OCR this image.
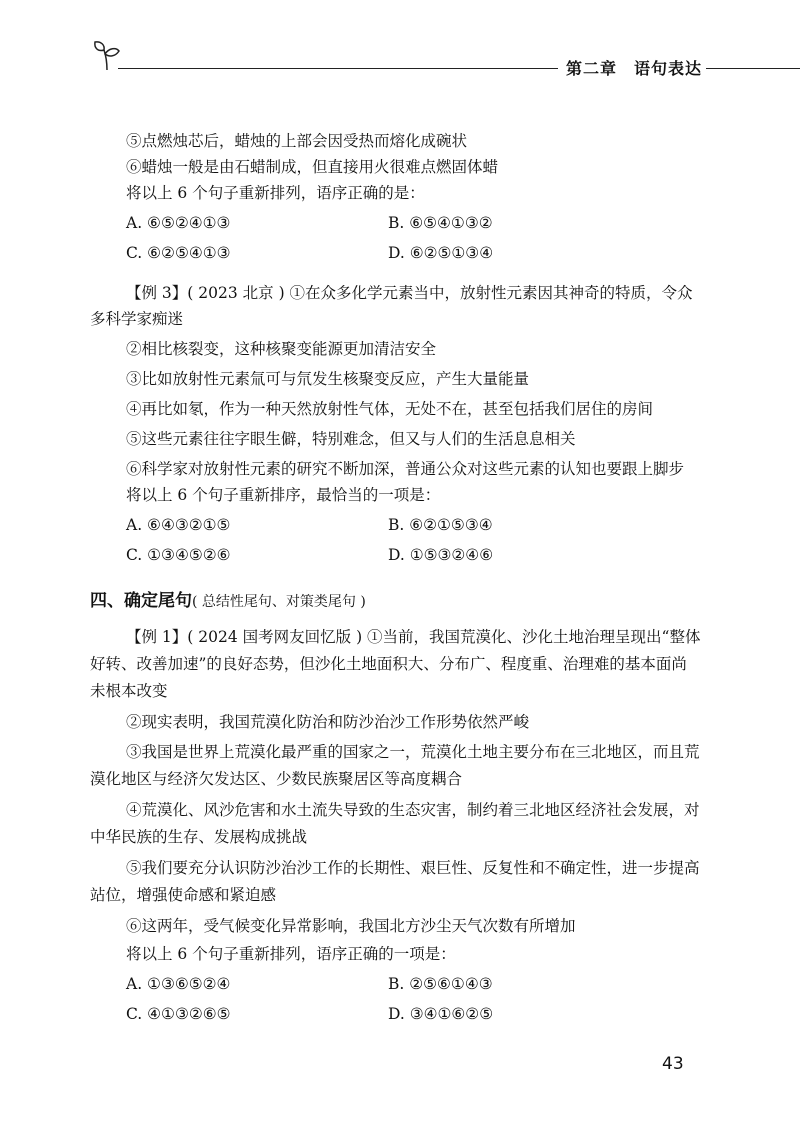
第二章　语句表达
⑤点燃烛芯后，蜡烛的上部会因受热而熔化成碗状
⑥蜡烛一般是由石蜡制成，但直接用火很难点燃固体蜡
将以上 6 个句子重新排列，语序正确的是：
A. ⑥⑤②④①③	B. ⑥⑤④①③②
C. ⑥②⑤④①③	D. ⑥②⑤①③④
【例 3】( 2023 北京 ) ①在众多化学元素当中，放射性元素因其神奇的特质，令众多科学家痴迷
②相比核裂变，这种核聚变能源更加清洁安全
③比如放射性元素氚可与氘发生核聚变反应，产生大量能量
④再比如氡，作为一种天然放射性气体，无处不在，甚至包括我们居住的房间
⑤这些元素往往字眼生僻，特别难念，但又与人们的生活息息相关
⑥科学家对放射性元素的研究不断加深，普通公众对这些元素的认知也要跟上脚步
将以上 6 个句子重新排序，最恰当的一项是：
A. ⑥④③②①⑤	B. ⑥②①⑤③④
C. ①③④⑤②⑥	D. ①⑤③②④⑥
四、确定尾句( 总结性尾句、对策类尾句 )
【例 1】( 2024 国考网友回忆版 ) ①当前，我国荒漠化、沙化土地治理呈现出“整体好转、改善加速”的良好态势，但沙化土地面积大、分布广、程度重、治理难的基本面尚未根本改变
②现实表明，我国荒漠化防治和防沙治沙工作形势依然严峻
③我国是世界上荒漠化最严重的国家之一，荒漠化土地主要分布在三北地区，而且荒漠化地区与经济欠发达区、少数民族聚居区等高度耦合
④荒漠化、风沙危害和水土流失导致的生态灾害，制约着三北地区经济社会发展，对中华民族的生存、发展构成挑战
⑤我们要充分认识防沙治沙工作的长期性、艰巨性、反复性和不确定性，进一步提高站位，增强使命感和紧迫感
⑥这两年，受气候变化异常影响，我国北方沙尘天气次数有所增加
将以上 6 个句子重新排列，语序正确的一项是：
A. ①③⑥⑤②④	B. ②⑤⑥①④③
C. ④①③②⑥⑤	D. ③④①⑥②⑤
43
